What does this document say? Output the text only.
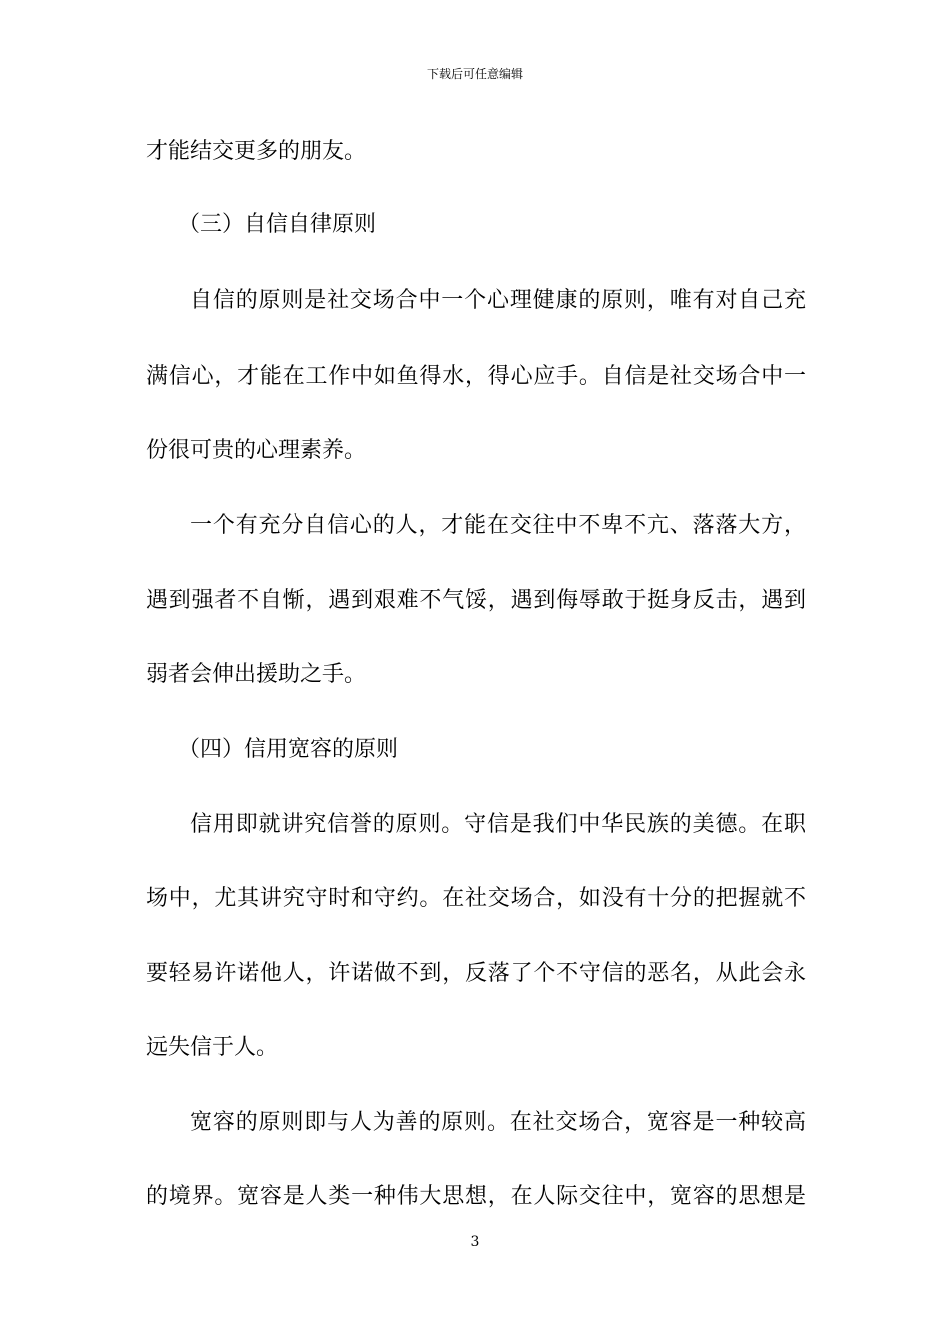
下载后可任意编辑
才能结交更多的朋友。
（三）自信自律原则
自信的原则是社交场合中一个心理健康的原则，唯有对自己充
满信心，才能在工作中如鱼得水，得心应手。自信是社交场合中一
份很可贵的心理素养。
一个有充分自信心的人，才能在交往中不卑不亢、落落大方，
遇到强者不自惭，遇到艰难不气馁，遇到侮辱敢于挺身反击，遇到
弱者会伸出援助之手。
（四）信用宽容的原则
信用即就讲究信誉的原则。守信是我们中华民族的美德。在职
场中，尤其讲究守时和守约。在社交场合，如没有十分的把握就不
要轻易许诺他人，许诺做不到，反落了个不守信的恶名，从此会永
远失信于人。
宽容的原则即与人为善的原则。在社交场合，宽容是一种较高
的境界。宽容是人类一种伟大思想，在人际交往中，宽容的思想是
3
